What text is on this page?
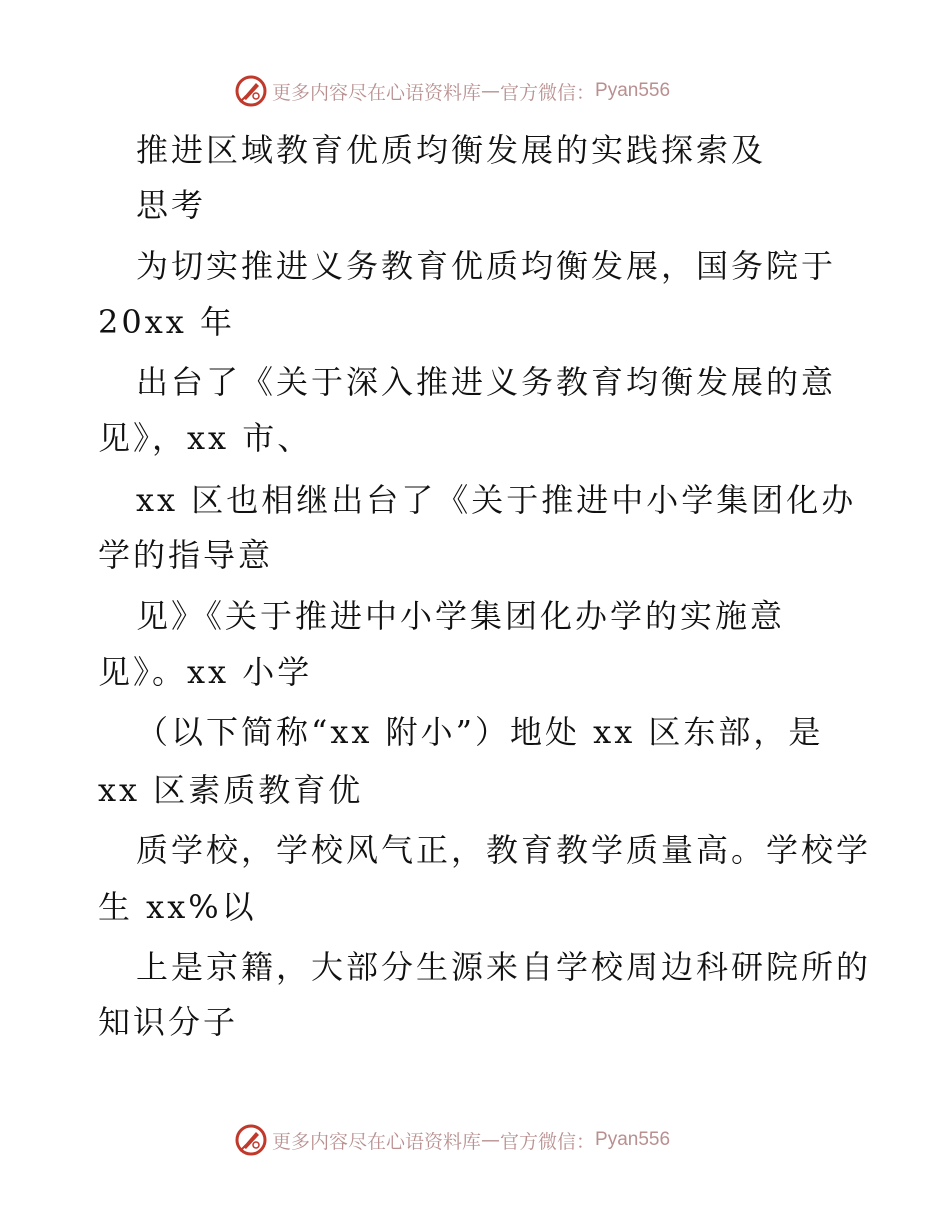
更多内容尽在心语资料库 — 官方微信： Pyan556
推进区域教育优质均衡发展的实践探索及
思考
为切实推进义务教育优质均衡发展，国务院于
20xx 年
出台了《关于深入推进义务教育均衡发展的意
见》，xx 市、
xx 区也相继出台了《关于推进中小学集团化办
学的指导意
见》《关于推进中小学集团化办学的实施意
见》。xx 小学
（以下简称“xx 附小”）地处 xx 区东部，是
xx 区素质教育优
质学校，学校风气正，教育教学质量高。学校学
生 xx%以
上是京籍，大部分生源来自学校周边科研院所的
知识分子
更多内容尽在心语资料库 — 官方微信： Pyan556
